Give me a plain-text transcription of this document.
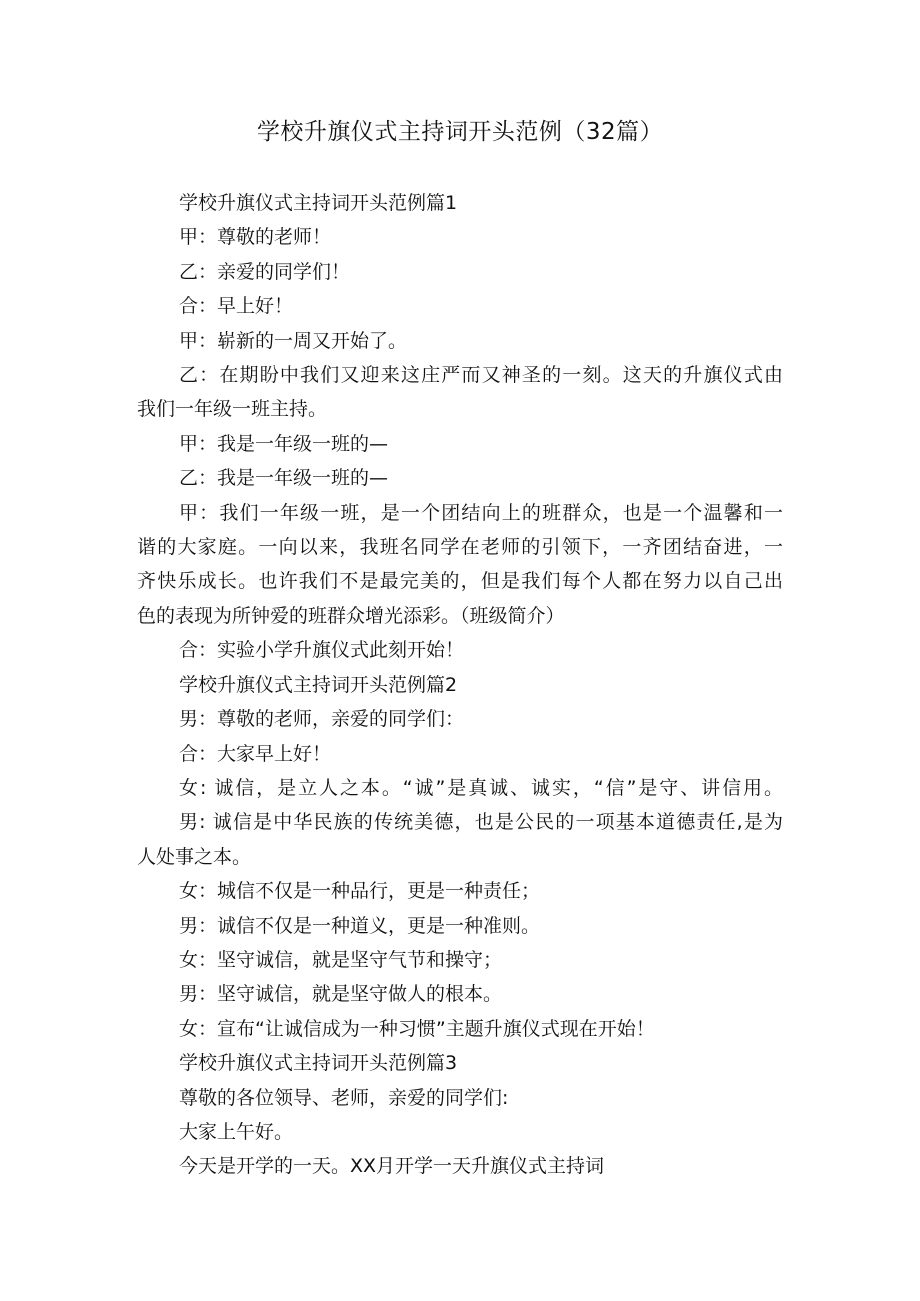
学校升旗仪式主持词开头范例（32篇）

学校升旗仪式主持词开头范例篇1

甲：尊敬的老师！

乙：亲爱的同学们！

合：早上好！

甲：崭新的一周又开始了。

乙：在期盼中我们又迎来这庄严而又神圣的一刻。这天的升旗仪式由

我们一年级一班主持。

甲：我是一年级一班的—

乙：我是一年级一班的—

甲：我们一年级一班，是一个团结向上的班群众，也是一个温馨和一

谐的大家庭。一向以来，我班名同学在老师的引领下，一齐团结奋进，一

齐快乐成长。也许我们不是最完美的，但是我们每个人都在努力以自己出

色的表现为所钟爱的班群众增光添彩。（班级简介）

合：实验小学升旗仪式此刻开始！

学校升旗仪式主持词开头范例篇2

男：尊敬的老师，亲爱的同学们：

合：大家早上好！

女: 诚信，是立人之本。“诚”是真诚、诚实，“信”是守、讲信用。

男: 诚信是中华民族的传统美德，也是公民的一项基本道德责任,是为

人处事之本。

女：城信不仅是一种品行，更是一种责任；

男：诚信不仅是一种道义，更是一种准则。

女：坚守诚信，就是坚守气节和操守；

男：坚守诚信，就是坚守做人的根本。

女：宣布“让诚信成为一种习惯”主题升旗仪式现在开始！

学校升旗仪式主持词开头范例篇3

尊敬的各位领导、老师，亲爱的同学们:

大家上午好。

今天是开学的一天。XX月开学一天升旗仪式主持词
